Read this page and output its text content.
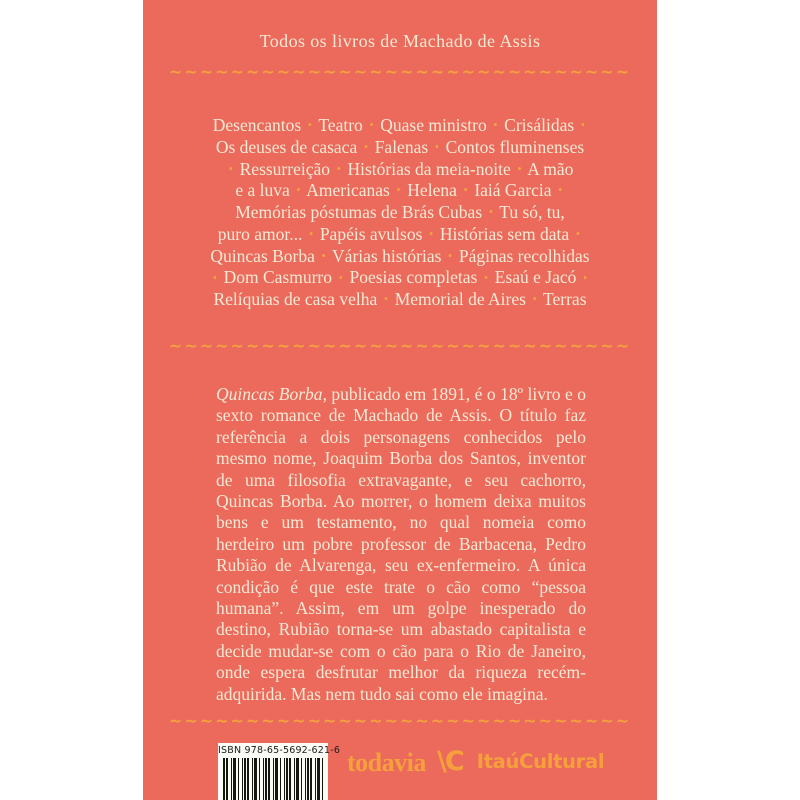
Todos os livros de Machado de Assis
~~~~~~~~~~~~~~~~~~~~~~~~~~~~~~
Desencantos • Teatro • Quase ministro • Crisálidas •
Os deuses de casaca • Falenas • Contos fluminenses
• Ressurreição • Histórias da meia-noite • A mão
e a luva • Americanas • Helena • Iaiá Garcia •
Memórias póstumas de Brás Cubas • Tu só, tu,
puro amor... • Papéis avulsos • Histórias sem data •
Quincas Borba • Várias histórias • Páginas recolhidas
• Dom Casmurro • Poesias completas • Esaú e Jacó •
Relíquias de casa velha • Memorial de Aires • Terras
~~~~~~~~~~~~~~~~~~~~~~~~~~~~~~

Quincas Borba, publicado em 1891, é o 18º livro e o sexto romance de Machado de Assis. O título faz referência a dois personagens conhecidos pelo mesmo nome, Joaquim Borba dos Santos, inventor de uma filosofia extravagante, e seu cachorro, Quincas Borba. Ao morrer, o homem deixa muitos bens e um testamento, no qual nomeia como herdeiro um pobre professor de Barbacena, Pedro Rubião de Alvarenga, seu ex-enfermeiro. A única condição é que este trate o cão como “pessoa humana”. Assim, em um golpe inesperado do destino, Rubião torna-se um abastado capitalista e decide mudar-se com o cão para o Rio de Janeiro, onde espera desfrutar melhor da riqueza recém-adquirida. Mas nem tudo sai como ele imagina.

~~~~~~~~~~~~~~~~~~~~~~~~~~~~~~
ISBN 978-65-5692-621-6 todavia \C ItaúCultural
